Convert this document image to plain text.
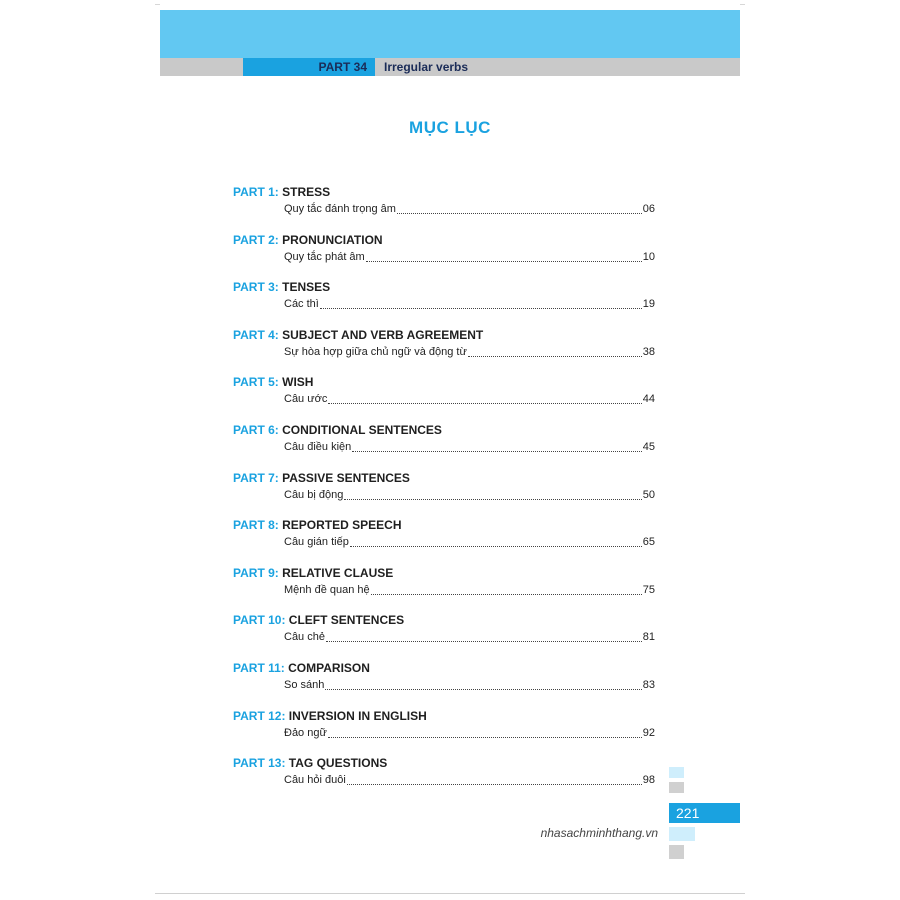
PART 34	Irregular verbs
MỤC LỤC
PART 1: STRESS
Quy tắc đánh trọng âm	06
PART 2: PRONUNCIATION
Quy tắc phát âm	10
PART 3: TENSES
Các thì	19
PART 4: SUBJECT AND VERB AGREEMENT
Sự hòa hợp giữa chủ ngữ và động từ	38
PART 5: WISH
Câu ước	44
PART 6: CONDITIONAL SENTENCES
Câu điều kiện	45
PART 7: PASSIVE SENTENCES
Câu bị động	50
PART 8: REPORTED SPEECH
Câu gián tiếp	65
PART 9: RELATIVE CLAUSE
Mệnh đề quan hệ	75
PART 10: CLEFT SENTENCES
Câu chẻ	81
PART 11: COMPARISON
So sánh	83
PART 12: INVERSION IN ENGLISH
Đảo ngữ	92
PART 13: TAG QUESTIONS
Câu hỏi đuôi	98
221
nhasachminhthang.vn
